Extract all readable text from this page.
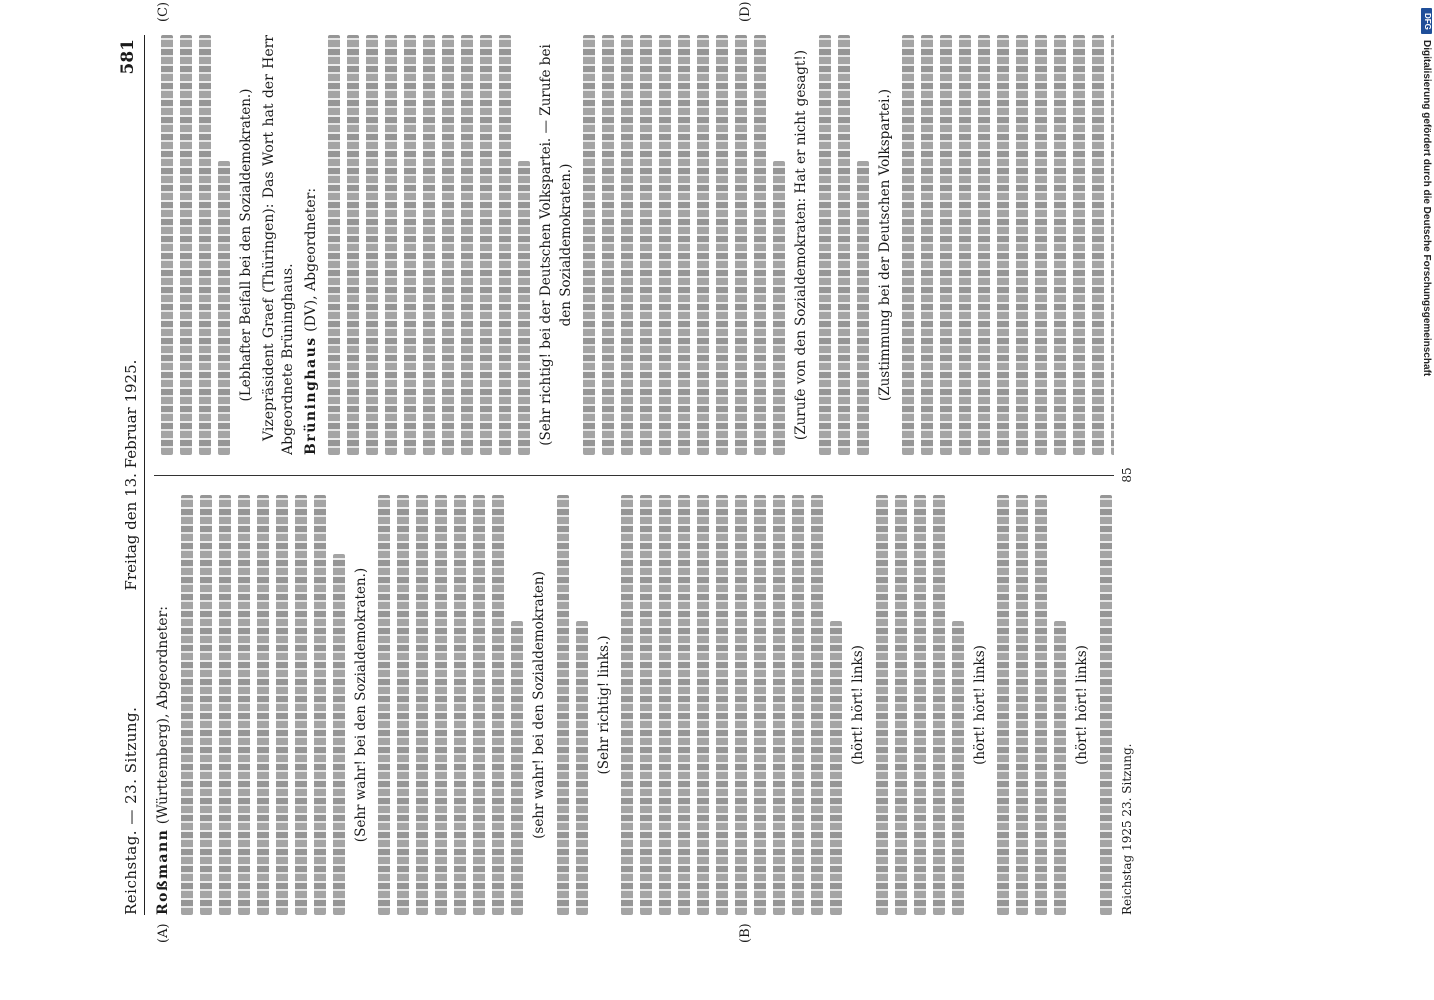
Reichstag. — 23. Sitzung.
Freitag den 13. Februar 1925.
581
(A)	(B)
(C)	(D)

Roßmann (Württemberg), Abgeordneter:	(Sehr wahr! bei den Sozialdemokraten.)	(sehr wahr! bei den Sozialdemokraten)	(Sehr richtig! links.)	(hört! hört! links)	(hört! hört! links)	(hört! hört! links)

(Lebhafter Beifall bei den Sozialdemokraten.) Vizepräsident Graef (Thüringen): Das Wort hat der Herr Abgeordnete Brüninghaus. Brüninghaus (DV), Abgeordneter:	(Sehr richtig! bei der Deutschen Volkspartei. — Zurufe bei den Sozialdemokraten.)	(Zurufe von den Sozialdemokraten: Hat er nicht gesagt!)	(Zustimmung bei der Deutschen Volkspartei.)

Reichstag 1925 23. Sitzung.
85
DFG
Digitalisierung gefördert durch die Deutsche Forschungsgemeinschaft
